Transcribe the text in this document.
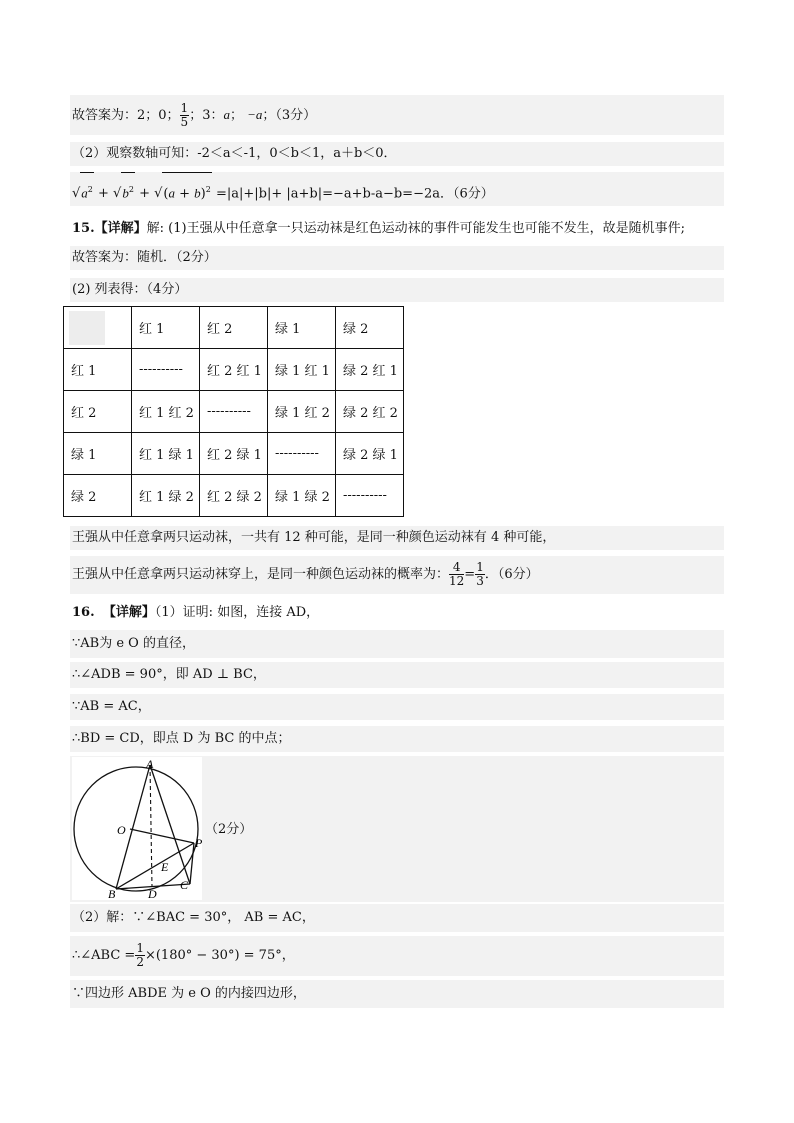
故答案为：2；0； $\frac{1}{5}$ ；3：a； −a；（3分）
（2）观察数轴可知：-2＜a＜-1，0＜b＜1，a＋b＜0．
$√a^2 + √b^2 + √(a + b)^2 =|a|+|b|+ |a+b|=-a+b-a-b=-2a$．（6分）
15.【详解】解: (1)王强从中任意拿一只运动袜是红色运动袜的事件可能发生也可能不发生，故是随机事件;
故答案为：随机．（2分）
(2) 列表得：（4分）
	红 1	红 2	绿 1	绿 2
红 1	----------	红 2 红 1	绿 1 红 1	绿 2 红 1
红 2	红 1 红 2	----------	绿 1 红 2	绿 2 红 2
绿 1	红 1 绿 1	红 2 绿 1	----------	绿 2 绿 1
绿 2	红 1 绿 2	红 2 绿 2	绿 1 绿 2	----------
王强从中任意拿两只运动袜，一共有 12 种可能，是同一种颜色运动袜有 4 种可能，
王强从中任意拿两只运动袜穿上，是同一种颜色运动袜的概率为： $\frac{4}{12} = \frac{1}{3}$ ．（6分）
16. 【详解】（1）证明: 如图，连接 AD，
∵AB为 e O 的直径，
∴∠ADB = 90°，即 AD ⊥ BC，
∵AB = AC，
∴BD = CD，即点 D 为 BC 的中点；
A
O
P
E
B	D
C
（2分）
（2）解：∵∠BAC = 30°， AB = AC，
∴∠ABC = $\frac{1}{2} \times(180^\circ - 30^\circ) = 75^\circ$，
∵四边形 ABDE 为 e O 的内接四边形，
